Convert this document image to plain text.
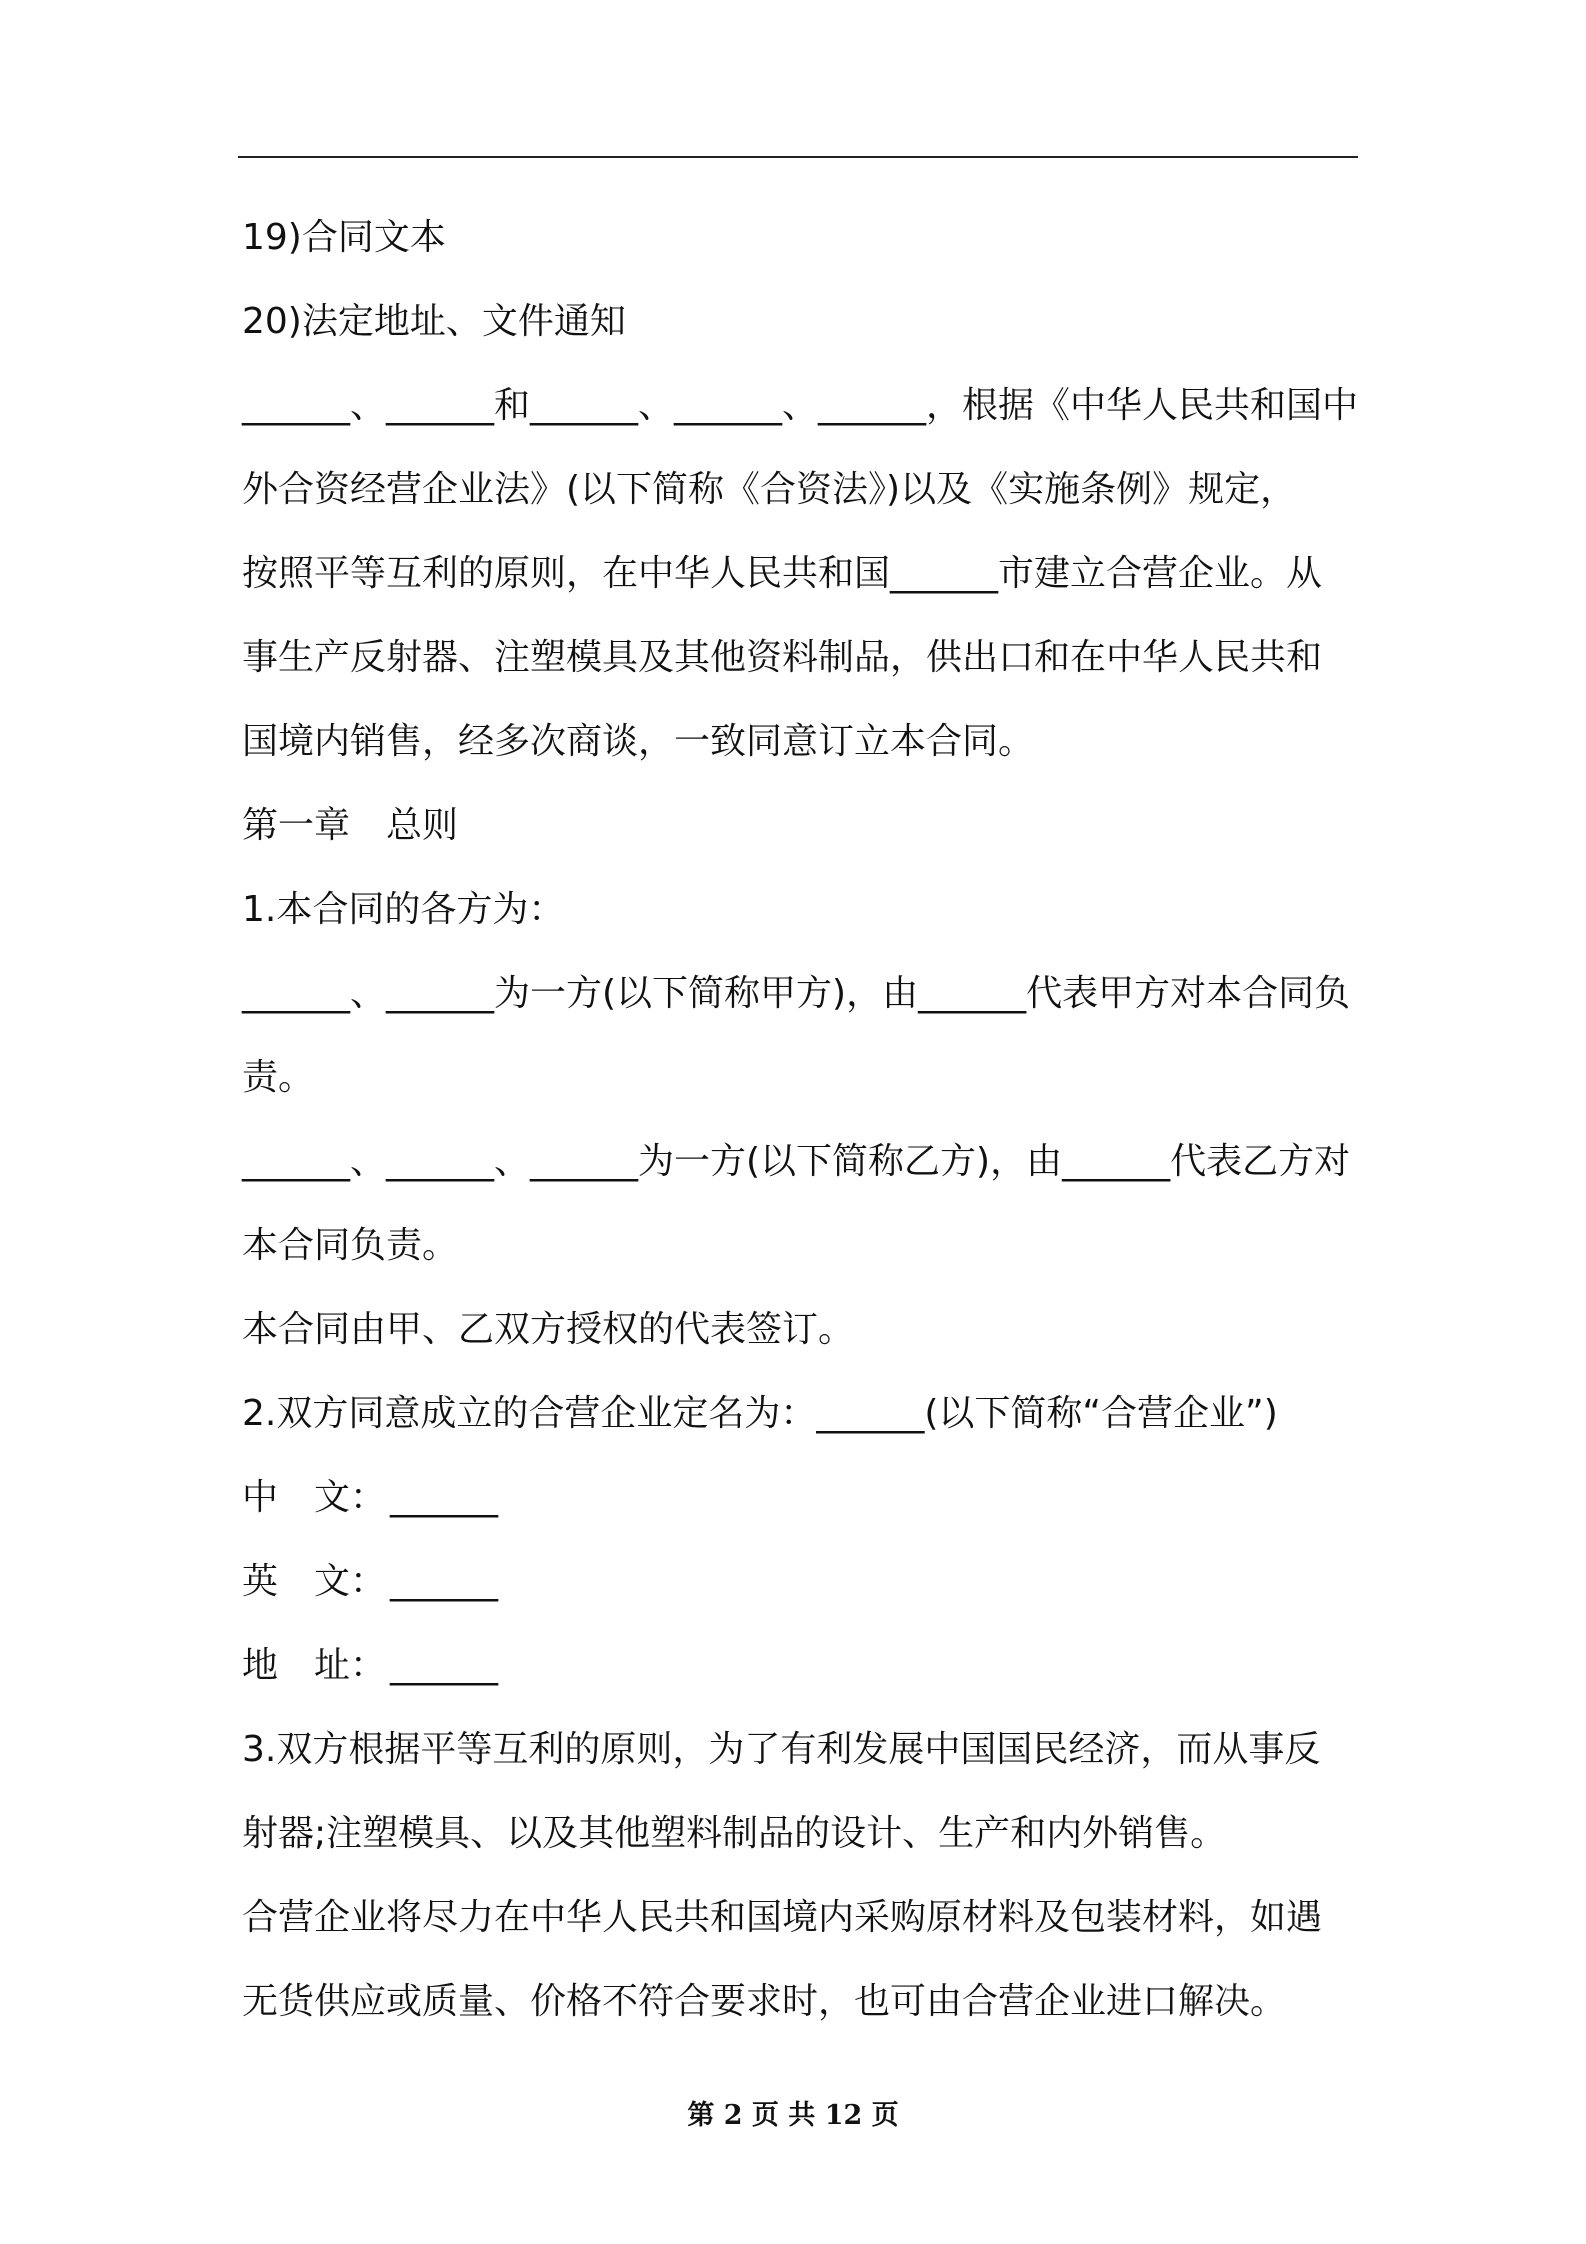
19)合同文本
20)法定地址、文件通知
______、______和______、______、______，根据《中华人民共和国中
外合资经营企业法》(以下简称《合资法》)以及《实施条例》规定，
按照平等互利的原则，在中华人民共和国______市建立合营企业。从
事生产反射器、注塑模具及其他资料制品，供出口和在中华人民共和
国境内销售，经多次商谈，一致同意订立本合同。
第一章　总则
1.本合同的各方为：
______、______为一方(以下简称甲方)，由______代表甲方对本合同负
责。
______、______、______为一方(以下简称乙方)，由______代表乙方对
本合同负责。
本合同由甲、乙双方授权的代表签订。
2.双方同意成立的合营企业定名为：______(以下简称“合营企业”)
中 文： ______
英 文： ______
地 址： ______
3.双方根据平等互利的原则，为了有利发展中国国民经济，而从事反
射器;注塑模具、以及其他塑料制品的设计、生产和内外销售。
合营企业将尽力在中华人民共和国境内采购原材料及包装材料，如遇
无货供应或质量、价格不符合要求时，也可由合营企业进口解决。
第 2 页 共 12 页
